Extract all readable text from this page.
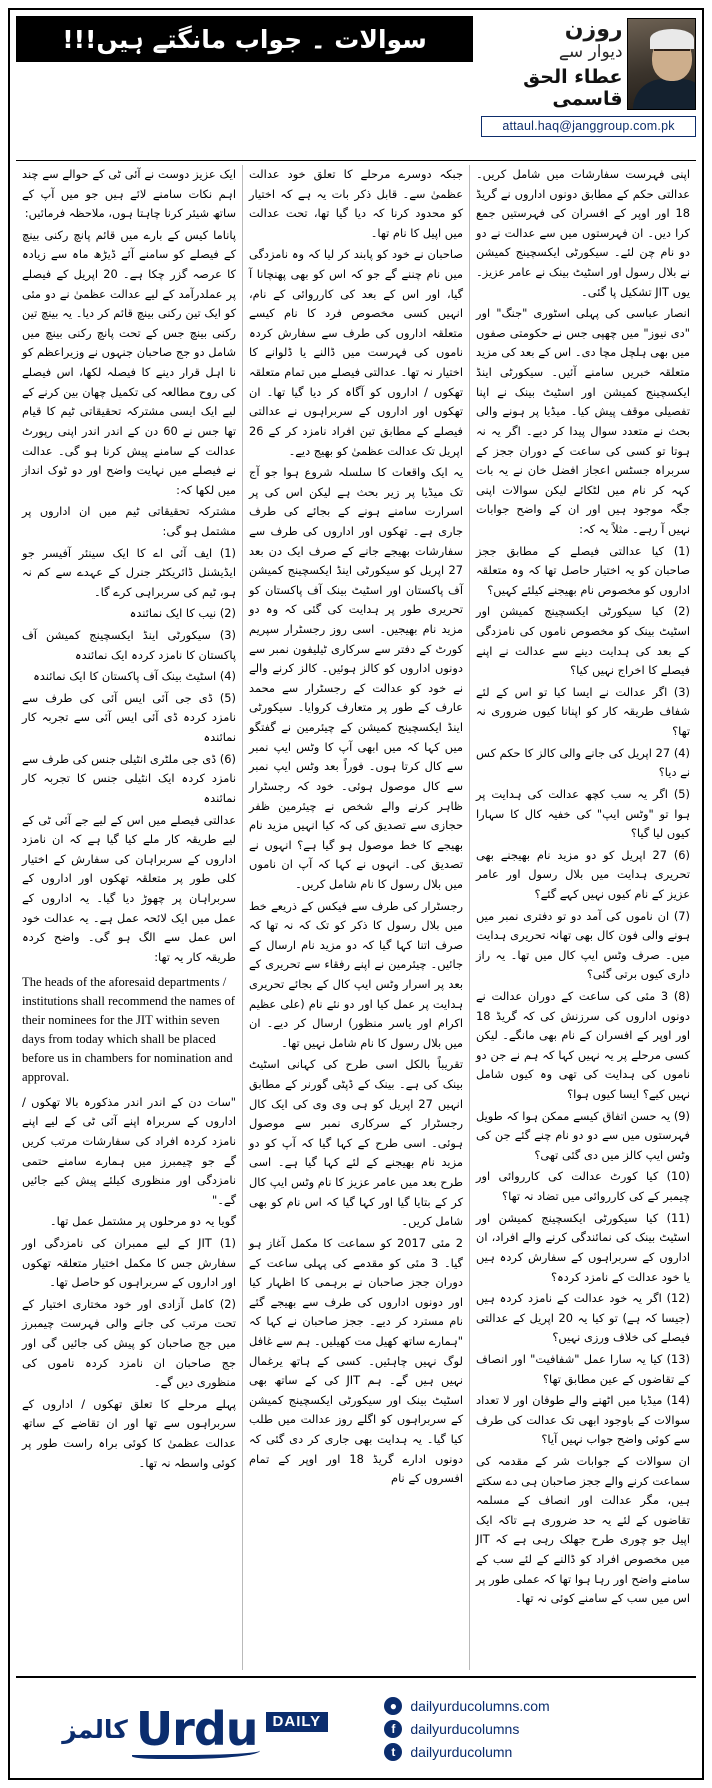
سوالات ۔ جواب مانگتے ہیں!!!	روزن
دیوار سے
عطاء الحق قاسمی
attaul.haq@janggroup.com.pk

اپنی فہرست سفارشات میں شامل کریں۔ عدالتی حکم کے مطابق دونوں اداروں نے گریڈ 18 اور اوپر کے افسران کی فہرستیں جمع کرا دیں۔ ان فہرستوں میں سے عدالت نے دو دو نام چن لئے۔ سیکورٹی ایکسچینج کمیشن نے بلال رسول اور اسٹیٹ بینک نے عامر عزیز۔ یوں JIT تشکیل پا گئی۔

انصار عباسی کی پہلی اسٹوری "جنگ" اور "دی نیوز" میں چھپی جس نے حکومتی صفوں میں بھی ہلچل مچا دی۔ اس کے بعد کی مزید متعلقہ خبریں سامنے آئیں۔ سیکورٹی اینڈ ایکسچینج کمیشن اور اسٹیٹ بینک نے اپنا تفصیلی موقف پیش کیا۔ میڈیا پر ہونے والی بحث نے متعدد سوال پیدا کر دیے۔ اگر یہ نہ ہوتا تو کسی کی ساعت کے دوران ججز کے سربراہ جسٹس اعجاز افضل خان نے یہ بات کہہ کر نام میں لٹکائے لیکن سوالات اپنی جگہ موجود ہیں اور ان کے واضح جوابات نہیں آ رہے۔ مثلاً یہ کہ:

(1) کیا عدالتی فیصلے کے مطابق ججز صاحبان کو یہ اختیار حاصل تھا کہ وہ متعلقہ اداروں کو مخصوص نام بھیجنے کیلئے کہیں؟

(2) کیا سیکورٹی ایکسچینج کمیشن اور اسٹیٹ بینک کو مخصوص ناموں کی نامزدگی کے بعد کی ہدایت دینے سے عدالت نے اپنے فیصلے کا اخراج نہیں کیا؟

(3) اگر عدالت نے ایسا کیا تو اس کے لئے شفاف طریقہ کار کو اپنانا کیوں ضروری نہ تھا؟

(4) 27 اپریل کی جانے والی کالز کا حکم کس نے دیا؟

(5) اگر یہ سب کچھ عدالت کی ہدایت پر ہوا تو "وٹس ایپ" کی خفیہ کال کا سہارا کیوں لیا گیا؟

(6) 27 اپریل کو دو مزید نام بھیجنے بھی تحریری ہدایت میں بلال رسول اور عامر عزیز کے نام کیوں نہیں کہے گئے؟

(7) ان ناموں کی آمد دو تو دفتری نمبر میں ہونے والی فون کال بھی تھانہ تحریری ہدایت میں۔ صرف وٹس ایپ کال میں تھا۔ یہ راز داری کیوں برتی گئی؟

(8) 3 مئی کی ساعت کے دوران عدالت نے دونوں اداروں کی سرزنش کی کہ گریڈ 18 اور اوپر کے افسران کے نام بھی مانگے۔ لیکن کسی مرحلے پر یہ نہیں کہا کہ ہم نے جن دو ناموں کی ہدایت کی تھی وہ کیوں شامل نہیں کیے؟ ایسا کیوں ہوا؟

(9) یہ حسن اتفاق کیسے ممکن ہوا کہ طویل فہرستوں میں سے دو دو نام چنے گئے جن کی وٹس ایپ کالز میں دی گئی تھی؟

(10) کیا کورٹ عدالت کی کارروائی اور چیمبر کے کی کارروائی میں تضاد نہ تھا؟

(11) کیا سیکورٹی ایکسچینج کمیشن اور اسٹیٹ بینک کی نمائندگی کرنے والے افراد، ان اداروں کے سربراہوں کے سفارش کردہ ہیں یا خود عدالت کے نامزد کردہ؟

(12) اگر یہ خود عدالت کے نامزد کردہ ہیں (جیسا کہ ہے) تو کیا یہ 20 اپریل کے عدالتی فیصلے کی خلاف ورزی نہیں؟

(13) کیا یہ سارا عمل "شفافیت" اور انصاف کے تقاضوں کے عین مطابق تھا؟

(14) میڈیا میں اٹھنے والے طوفان اور لا تعداد سوالات کے باوجود ابھی تک عدالت کی طرف سے کوئی واضح جواب نہیں آیا؟

ان سوالات کے جوابات شر کے مقدمہ کی سماعت کرنے والے ججز صاحبان ہی دے سکتے ہیں، مگر عدالت اور انصاف کے مسلمہ تقاضوں کے لئے یہ حد ضروری ہے تاکہ ایک اپیل جو چوری طرح جھلک رہی ہے کہ JIT میں مخصوص افراد کو ڈالنے کے لئے سب کے سامنے واضح اور رہا ہوا تھا کہ عملی طور پر اس میں سب کے سامنے کوئی نہ تھا۔

جبکہ دوسرے مرحلے کا تعلق خود عدالت عظمیٰ سے۔ قابل ذکر بات یہ ہے کہ اختیار کو محدود کرنا کہ دیا گیا تھا، تحت عدالت میں اپیل کا نام تھا۔

صاحبان نے خود کو پابند کر لیا کہ وہ نامزدگی میں نام چننے گے جو کہ اس کو بھی پھنچانا آ گیا، اور اس کے بعد کی کارروائی کے نام، انہیں کسی مخصوص فرد کا نام کیسے متعلقہ اداروں کی طرف سے سفارش کردہ ناموں کی فہرست میں ڈالنے یا ڈلوانے کا اختیار نہ تھا۔ عدالتی فیصلے میں تمام متعلقہ تھکوں / اداروں کو آگاہ کر دیا گیا تھا۔ ان تھکوں اور اداروں کے سربراہوں نے عدالتی فیصلے کے مطابق تین افراد نامزد کر کے 26 اپریل تک عدالت عظمیٰ کو بھیج دیے۔

یہ ایک واقعات کا سلسلہ شروع ہوا جو آج تک میڈیا پر زیر بحث ہے لیکن اس کی پر اسرارت سامنے ہونے کے بجائے کی طرف جاری ہے۔ تھکوں اور اداروں کی طرف سے سفارشات بھیجے جانے کے صرف ایک دن بعد 27 اپریل کو سیکورٹی اینڈ ایکسچینج کمیشن آف پاکستان اور اسٹیٹ بینک آف پاکستان کو تحریری طور پر ہدایت کی گئی کہ وہ دو مزید نام بھیجیں۔ اسی روز رجسٹرار سپریم کورٹ کے دفتر سے سرکاری ٹیلیفون نمبر سے دونوں اداروں کو کالز ہوئیں۔ کالز کرنے والے نے خود کو عدالت کے رجسٹرار سے محمد عارف کے طور پر متعارف کروایا۔ سیکورٹی اینڈ ایکسچینج کمیشن کے چیئرمین نے گفتگو میں کہا کہ میں ابھی آپ کا وٹس ایپ نمبر سے کال کرتا ہوں۔ فوراً بعد وٹس ایپ نمبر سے کال موصول ہوئی۔ خود کہ رجسٹرار ظاہر کرنے والے شخص نے چیئرمین ظفر حجازی سے تصدیق کی کہ کیا انہیں مزید نام بھیجے کا خط موصول ہو گیا ہے؟ انہوں نے تصدیق کی۔ انہوں نے کہا کہ آپ ان ناموں میں بلال رسول کا نام شامل کریں۔

رجسٹرار کی طرف سے فیکس کے ذریعے خط میں بلال رسول کا ذکر کو تک کہ نہ تھا کہ صرف اتنا کہا گیا کہ دو مزید نام ارسال کے جائیں۔ چیئرمین نے اپنے رفقاء سے تحریری کے بعد پر اسرار وٹس ایپ کال کے بجائے تحریری ہدایت پر عمل کیا اور دو نئے نام (علی عظیم اکرام اور یاسر منظور) ارسال کر دیے۔ ان میں بلال رسول کا نام شامل نہیں تھا۔

تقریباً بالکل اسی طرح کی کہانی اسٹیٹ بینک کی ہے۔ بینک کے ڈپٹی گورنر کے مطابق انہیں 27 اپریل کو ہی وی وی کی ایک کال رجسٹرار کے سرکاری نمبر سے موصول ہوئی۔ اسی طرح کے کہا گیا کہ آپ کو دو مزید نام بھیجنے کے لئے کہا گیا ہے۔ اسی طرح بعد میں عامر عزیز کا نام وٹس ایپ کال کر کے بتایا گیا اور کہا گیا کہ اس نام کو بھی شامل کریں۔

2 مئی 2017 کو سماعت کا مکمل آغاز ہو گیا۔ 3 مئی کو مقدمے کی پہلی ساعت کے دوران ججز صاحبان نے برہمی کا اظہار کیا اور دونوں اداروں کی طرف سے بھیجے گئے نام مسترد کر دیے۔ ججز صاحبان نے کہا کہ "ہمارے ساتھ کھیل مت کھیلیں۔ ہم سے غافل لوگ نہیں چاہئیں۔ کسی کے ہاتھ یرغمال نہیں ہیں گے۔ ہم JIT کی کے ساتھ بھی اسٹیٹ بینک اور سیکورٹی ایکسچینج کمیشن کے سربراہوں کو اگلے روز عدالت میں طلب کیا گیا۔ یہ ہدایت بھی جاری کر دی گئی کہ دونوں ادارے گریڈ 18 اور اوپر کے تمام افسروں کے نام

ایک عزیز دوست نے آئی ٹی کے حوالے سے چند اہم نکات سامنے لائے ہیں جو میں آپ کے ساتھ شیئر کرنا چاہتا ہوں، ملاحظہ فرمائیں:

پاناما کیس کے بارے میں قائم پانچ رکنی بینچ کے فیصلے کو سامنے آئے ڈیڑھ ماہ سے زیادہ کا عرصہ گزر چکا ہے۔ 20 اپریل کے فیصلے پر عملدرآمد کے لیے عدالت عظمیٰ نے دو مئی کو ایک تین رکنی بینچ قائم کر دیا۔ یہ بینچ تین رکنی بینچ جس کے تحت پانچ رکنی بینچ میں شامل دو جج صاحبان جنہوں نے وزیراعظم کو نا اہل قرار دینے کا فیصلہ لکھا، اس فیصلے کی روح مطالعہ کی تکمیل چھان بین کرنے کے لیے ایک ایسی مشترکہ تحقیقاتی ٹیم کا قیام تھا جس نے 60 دن کے اندر اندر اپنی رپورٹ عدالت کے سامنے پیش کرنا ہو گی۔ عدالت نے فیصلے میں نہایت واضح اور دو ٹوک انداز میں لکھا کہ:

مشترکہ تحقیقاتی ٹیم میں ان اداروں پر مشتمل ہو گی:

(1) ایف آئی اے کا ایک سینئر آفیسر جو ایڈیشنل ڈائریکٹر جنرل کے عہدے سے کم نہ ہو، ٹیم کی سربراہی کرے گا۔

(2) نیب کا ایک نمائندہ

(3) سیکورٹی اینڈ ایکسچینج کمیشن آف پاکستان کا نامزد کردہ ایک نمائندہ

(4) اسٹیٹ بینک آف پاکستان کا ایک نمائندہ

(5) ڈی جی آئی ایس آئی کی طرف سے نامزد کردہ ڈی آئی ایس آئی سے تجربہ کار نمائندہ

(6) ڈی جی ملٹری انٹیلی جنس کی طرف سے نامزد کردہ ایک انٹیلی جنس کا تجربہ کار نمائندہ

عدالتی فیصلے میں اس کے لیے جے آئی ٹی کے لیے طریقہ کار ملے کیا گیا ہے کہ ان نامزد اداروں کے سربراہان کی سفارش کے اختیار کلی طور پر متعلقہ تھکوں اور اداروں کے سربراہان پر چھوڑ دیا گیا۔ یہ اداروں کے عمل میں ایک لائحہ عمل ہے۔ یہ عدالت خود اس عمل سے الگ ہو گی۔ واضح کردہ طریقہ کار یہ تھا:

The heads of the aforesaid departments / institutions shall recommend the names of their nominees for the JIT within seven days from today which shall be placed before us in chambers for nomination and approval.

"سات دن کے اندر اندر مذکورہ بالا تھکوں / اداروں کے سربراہ اپنے آئی ٹی کے لیے اپنے نامزد کردہ افراد کی سفارشات مرتب کریں گے جو چیمبرز میں ہمارے سامنے حتمی نامزدگی اور منظوری کیلئے پیش کیے جائیں گے۔"

گویا یہ دو مرحلوں پر مشتمل عمل تھا۔

(1) JIT کے لیے ممبران کی نامزدگی اور سفارش جس کا مکمل اختیار متعلقہ تھکوں اور اداروں کے سربراہوں کو حاصل تھا۔

(2) کامل آزادی اور خود مختاری اختیار کے تحت مرتب کی جانے والی فہرست چیمبرز میں جج صاحبان کو پیش کی جائیں گی اور جج صاحبان ان نامزد کردہ ناموں کی منظوری دیں گے۔

پہلے مرحلے کا تعلق تھکوں / اداروں کے سربراہوں سے تھا اور ان تقاضے کے ساتھ عدالت عظمیٰ کا کوئی براہ راست طور پر کوئی واسطہ نہ تھا۔

کالمز Urdu	DAILY
● dailyurducolumns.com
f	dailyurducolumns
t	dailyurducolumn
